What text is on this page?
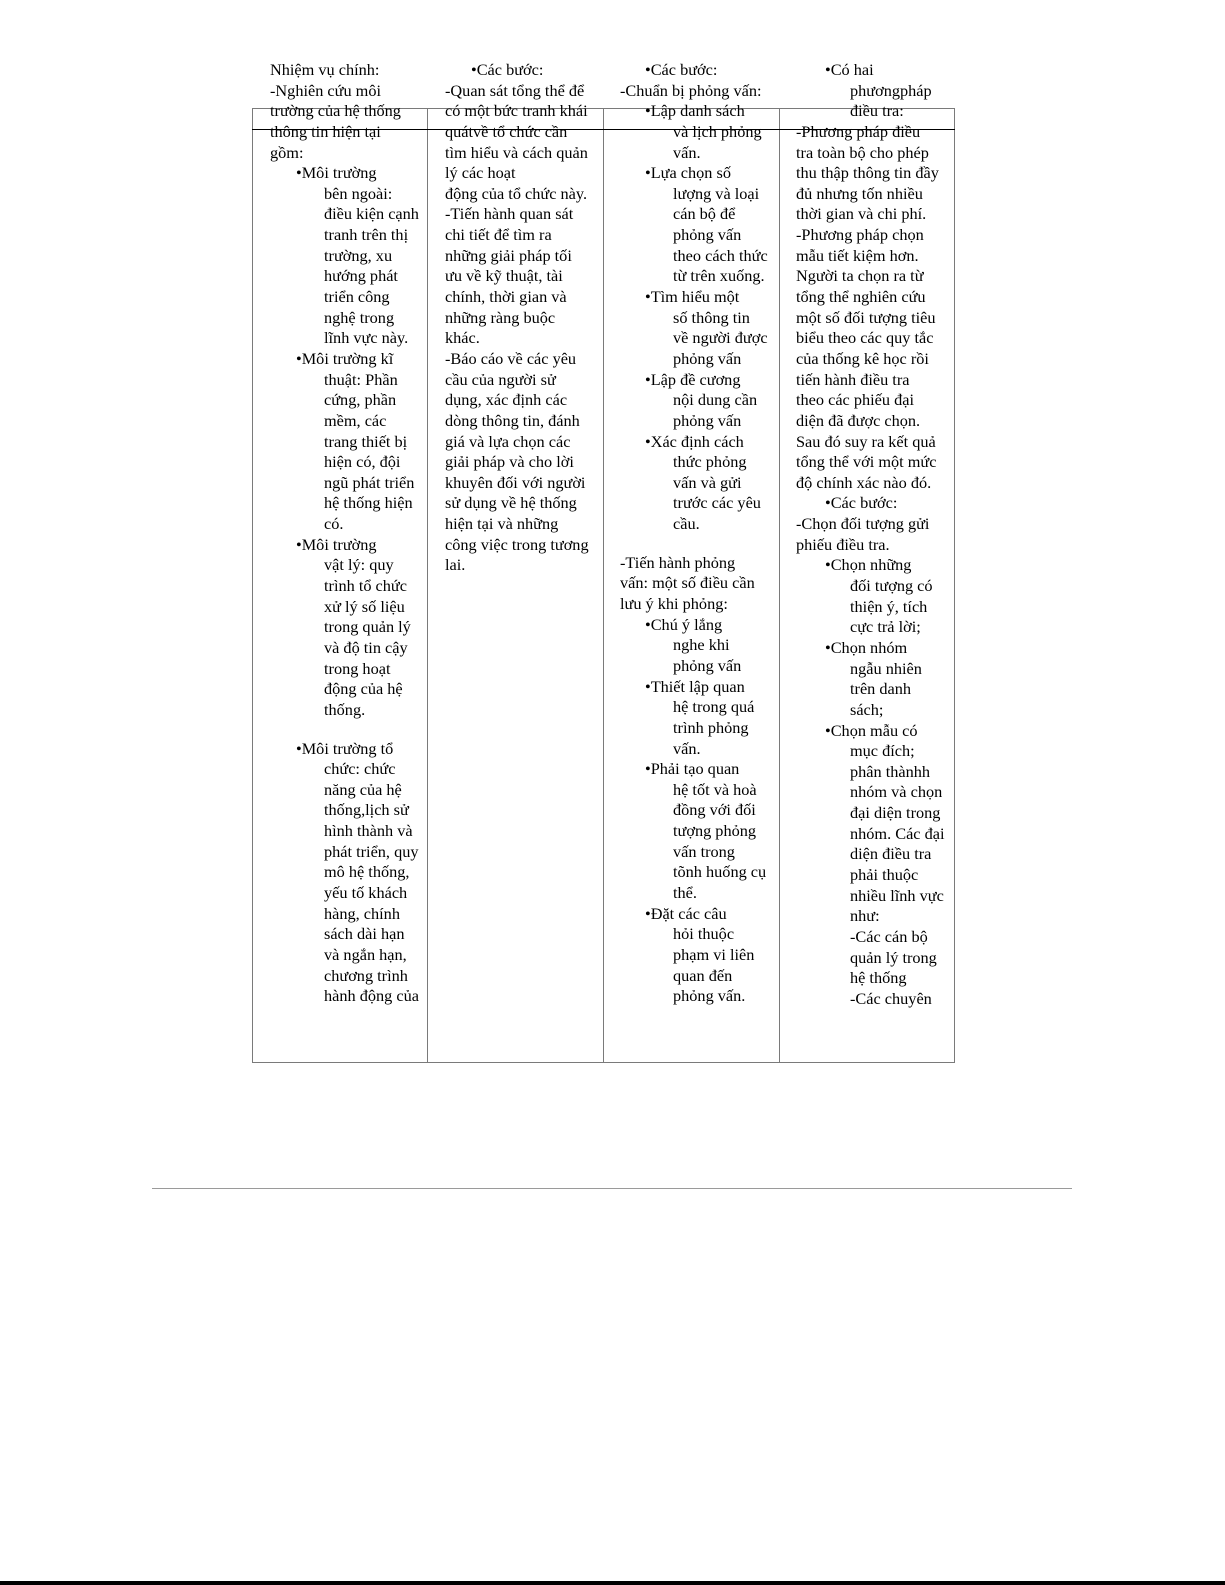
Nhiệm vụ chính:
-Nghiên cứu môi
trường của hệ thống
thông tin hiện tại
gồm:
•Môi trường
bên ngoài:
điều kiện cạnh
tranh trên thị
trường, xu
hướng phát
triển công
nghệ trong
lĩnh vực này.
•Môi trường kĩ
thuật: Phần
cứng, phần
mềm, các
trang thiết bị
hiện có, đội
ngũ phát triển
hệ thống hiện
có.
•Môi trường
vật lý: quy
trình tổ chức
xử lý số liệu
trong quản lý
và độ tin cậy
trong hoạt
động của hệ
thống.
•Môi trường tổ
chức: chức
năng của hệ
thống,lịch sử
hình thành và
phát triển, quy
mô hệ thống,
yếu tố khách
hàng, chính
sách dài hạn
và ngắn hạn,
chương trình
hành động của
•Các bước:
-Quan sát tổng thể để
có một bức tranh khái
quátvề tổ chức cần
tìm hiểu và cách quản
lý các hoạt
động của tổ chức này.
-Tiến hành quan sát
chi tiết để tìm ra
những giải pháp tối
ưu về kỹ thuật, tài
chính, thời gian và
những ràng buộc
khác.
-Báo cáo về các yêu
cầu của người sử
dụng, xác định các
dòng thông tin, đánh
giá và lựa chọn các
giải pháp và cho lời
khuyên đối với người
sử dụng về hệ thống
hiện tại và những
công việc trong tương
lai.
•Các bước:
-Chuẩn bị phỏng vấn:
•Lập danh sách
và lịch phỏng
vấn.
•Lựa chọn số
lượng và loại
cán bộ để
phỏng vấn
theo cách thức
từ trên xuống.
•Tìm hiểu một
số thông tin
về người được
phỏng vấn
•Lập đề cương
nội dung cần
phỏng vấn
•Xác định cách
thức phỏng
vấn và gửi
trước các yêu
cầu.
-Tiến hành phỏng
vấn: một số điều cần
lưu ý khi phỏng:
•Chú ý lắng
nghe khi
phỏng vấn
•Thiết lập quan
hệ trong quá
trình phỏng
vấn.
•Phải tạo quan
hệ tốt và hoà
đồng với đối
tượng phỏng
vấn trong
tõnh huống cụ
thể.
•Đặt các câu
hỏi thuộc
phạm vi liên
quan đến
phỏng vấn.
•Có hai
phươngpháp
điều tra:
-Phương pháp điều
tra toàn bộ cho phép
thu thập thông tin đầy
đủ nhưng tốn nhiều
thời gian và chi phí.
-Phương pháp chọn
mẫu tiết kiệm hơn.
Người ta chọn ra từ
tổng thể nghiên cứu
một số đối tượng tiêu
biểu theo các quy tắc
của thống kê học rồi
tiến hành điều tra
theo các phiếu đại
diện đã được chọn.
Sau đó suy ra kết quả
tổng thể với một mức
độ chính xác nào đó.
•Các bước:
-Chọn đối tượng gửi
phiếu điều tra.
•Chọn những
đối tượng có
thiện ý, tích
cực trả lời;
•Chọn nhóm
ngẫu nhiên
trên danh
sách;
•Chọn mẫu có
mục đích;
phân thànhh
nhóm và chọn
đại diện trong
nhóm. Các đại
diện điều tra
phải thuộc
nhiều lĩnh vực
như:
-Các cán bộ
quản lý trong
hệ thống
-Các chuyên
